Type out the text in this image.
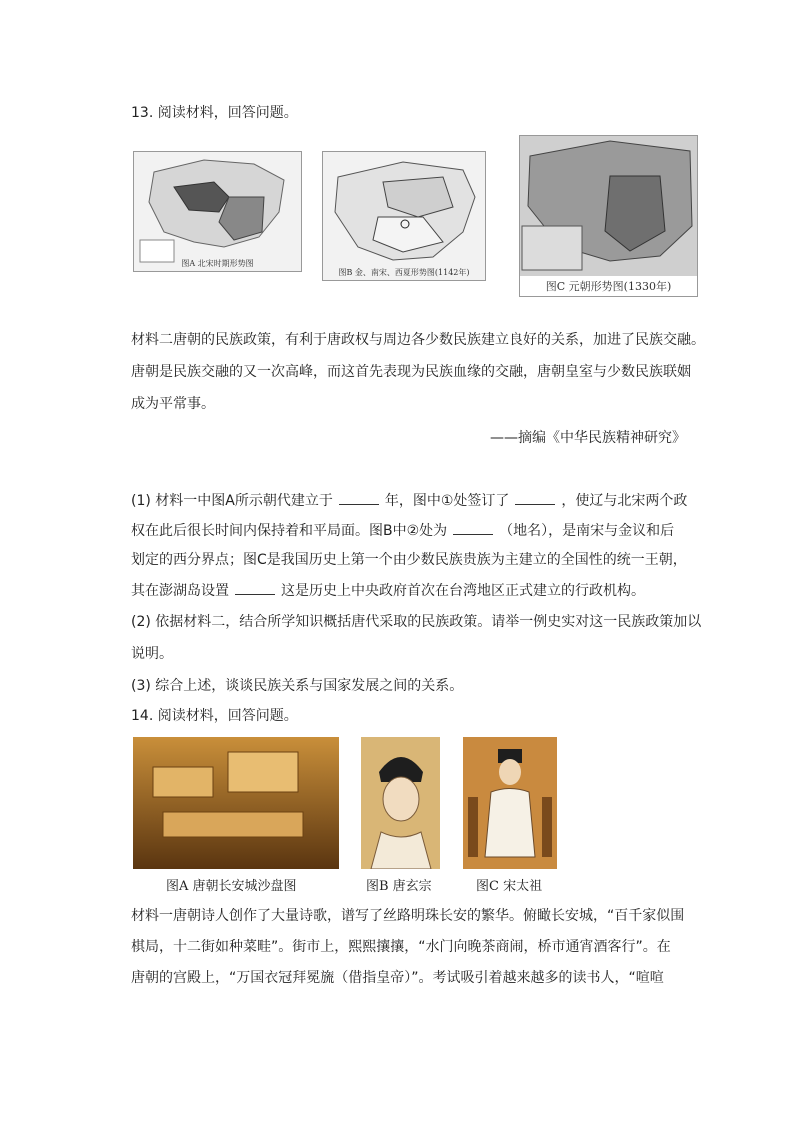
13. 阅读材料，回答问题。
图A 北宋时期形势图
图B 金、南宋、西夏形势图(1142年)
图C 元朝形势图(1330年)
材料二唐朝的民族政策，有利于唐政权与周边各少数民族建立良好的关系，加进了民族交融。
唐朝是民族交融的又一次高峰，而这首先表现为民族血缘的交融，唐朝皇室与少数民族联姻
成为平常事。
——摘编《中华民族精神研究》
(1) 材料一中图A所示朝代建立于	年，图中①处签订了	，使辽与北宋两个政
权在此后很长时间内保持着和平局面。图B中②处为	（地名），是南宋与金议和后
划定的西分界点；图C是我国历史上第一个由少数民族贵族为主建立的全国性的统一王朝，
其在澎湖岛设置	这是历史上中央政府首次在台湾地区正式建立的行政机构。
(2) 依据材料二，结合所学知识概括唐代采取的民族政策。请举一例史实对这一民族政策加以
说明。
(3) 综合上述，谈谈民族关系与国家发展之间的关系。
14. 阅读材料，回答问题。
图A 唐朝长安城沙盘图	图B 唐玄宗	图C 宋太祖
材料一唐朝诗人创作了大量诗歌，谱写了丝路明珠长安的繁华。俯瞰长安城，“百千家似围
棋局，十二街如种菜畦”。街市上，熙熙攘攘，“水门向晚茶商闹，桥市通宵酒客行”。在
唐朝的宫殿上，“万国衣冠拜冕旒（借指皇帝）”。考试吸引着越来越多的读书人，“喧喧
